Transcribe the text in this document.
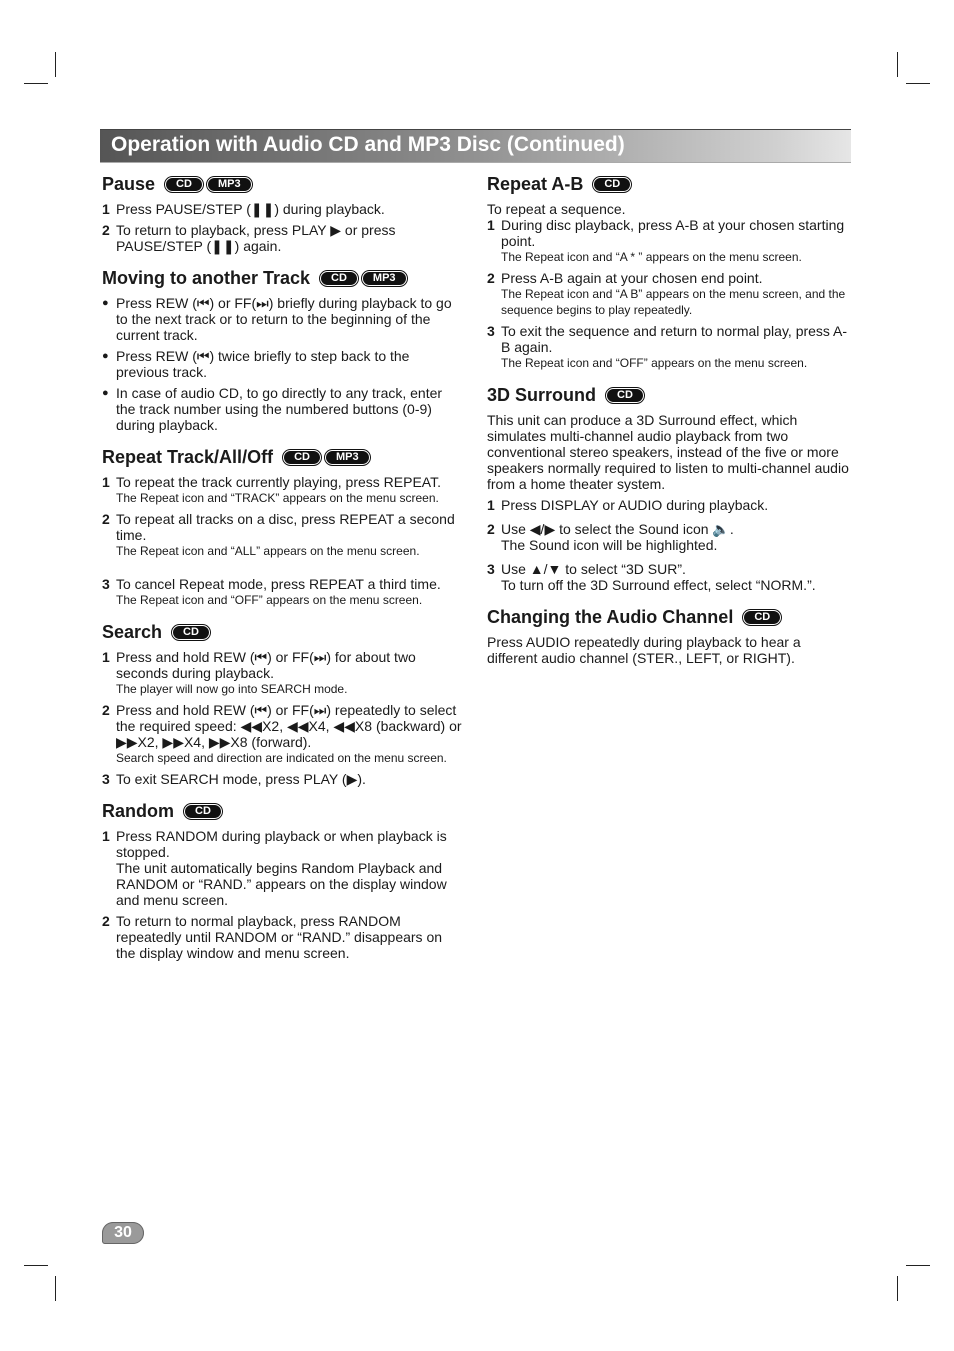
Operation with Audio CD and MP3 Disc (Continued)
Pause	CD	MP3
1 Press PAUSE/STEP (❚❚) during playback.
2 To return to playback, press PLAY ▶ or press PAUSE/STEP (❚❚) again.
Moving to another Track	CD	MP3
● Press REW (⏮) or FF(⏭) briefly during playback to go to the next track or to return to the beginning of the current track.
● Press REW (⏮) twice briefly to step back to the previous track.
● In case of audio CD, to go directly to any track, enter the track number using the numbered buttons (0-9) during playback.
Repeat Track/All/Off	CD	MP3
1 To repeat the track currently playing, press REPEAT.
The Repeat icon and “TRACK” appears on the menu screen.
2 To repeat all tracks on a disc, press REPEAT a second time.
The Repeat icon and “ALL” appears on the menu screen.
3 To cancel Repeat mode, press REPEAT a third time.
The Repeat icon and “OFF” appears on the menu screen.
Search	CD
1 Press and hold REW (⏮) or FF(⏭) for about two seconds during playback.
The player will now go into SEARCH mode.
2 Press and hold REW (⏮) or FF(⏭) repeatedly to select the required speed: ◀◀X2, ◀◀X4, ◀◀X8 (backward) or ▶▶X2, ▶▶X4, ▶▶X8 (forward).
Search speed and direction are indicated on the menu screen.
3 To exit SEARCH mode, press PLAY (▶).
Random	CD
1 Press RANDOM during playback or when playback is stopped.
The unit automatically begins Random Playback and RANDOM or “RAND.” appears on the display window and menu screen.
2 To return to normal playback, press RANDOM repeatedly until RANDOM or “RAND.” disappears on the display window and menu screen.
Repeat A-B	CD
To repeat a sequence.
1 During disc playback, press A-B at your chosen starting point.
The Repeat icon and “A * ” appears on the menu screen.
2 Press A-B again at your chosen end point.
The Repeat icon and “A B” appears on the menu screen, and the sequence begins to play repeatedly.
3 To exit the sequence and return to normal play, press A-B again.
The Repeat icon and “OFF” appears on the menu screen.
3D Surround	CD
This unit can produce a 3D Surround effect, which simulates multi-channel audio playback from two conventional stereo speakers, instead of the five or more speakers normally required to listen to multi-channel audio from a home theater system.
1 Press DISPLAY or AUDIO during playback.
2 Use ◀/▶ to select the Sound icon 🔈.
The Sound icon will be highlighted.
3 Use ▲/▼ to select “3D SUR”.
To turn off the 3D Surround effect, select “NORM.”.
Changing the Audio Channel	CD
Press AUDIO repeatedly during playback to hear a different audio channel (STER., LEFT, or RIGHT).
30
